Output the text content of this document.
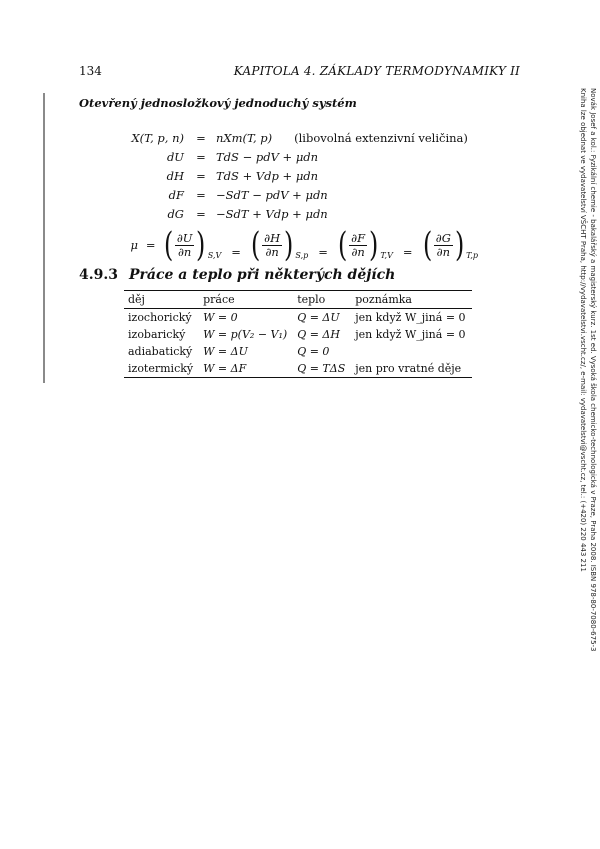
134	KAPITOLA 4. ZÁKLADY TERMODYNAMIKY II
Otevřený jednosložkový jednoduchý systém
X(T, p, n)	= nXm(T, p) (libovolná extenzivní veličina)
dU	= TdS − pdV + μdn
dH	= TdS + Vdp + μdn
dF	= −SdT − pdV + μdn
dG	= −SdT + Vdp + μdn
μ = ( $\frac{\partial U}{\partial n}$ ) S,V = ( $\frac{\partial H}{\partial n}$ ) S,p = ( $\frac{\partial F}{\partial n}$ ) T,V = ( $\frac{\partial G}{\partial n}$ ) T,p
4.9.3 Práce a teplo při některých dějích
děj	práce	teplo	poznámka
izochorický	W = 0	Q = ΔU	jen když W_jiná = 0
izobarický	W = p(V₂ − V₁)	Q = ΔH	jen když W_jiná = 0
adiabatický	W = ΔU	Q = 0	
izotermický	W = ΔF	Q = TΔS	jen pro vratné děje	Novák Josef a kol.: Fyzikální chemie - bakalářský a magisterský kurz. 1st ed. Vysoká škola chemicko-technologická v Praze, Praha 2008. ISBN 978-80-7080-675-3
Kniha lze objednat ve vydavatelství VŠCHT Praha, http://vydavatelstvi.vscht.cz/, e-mail: vydavatelstvi@vscht.cz, tel.: (+420) 220 443 211
